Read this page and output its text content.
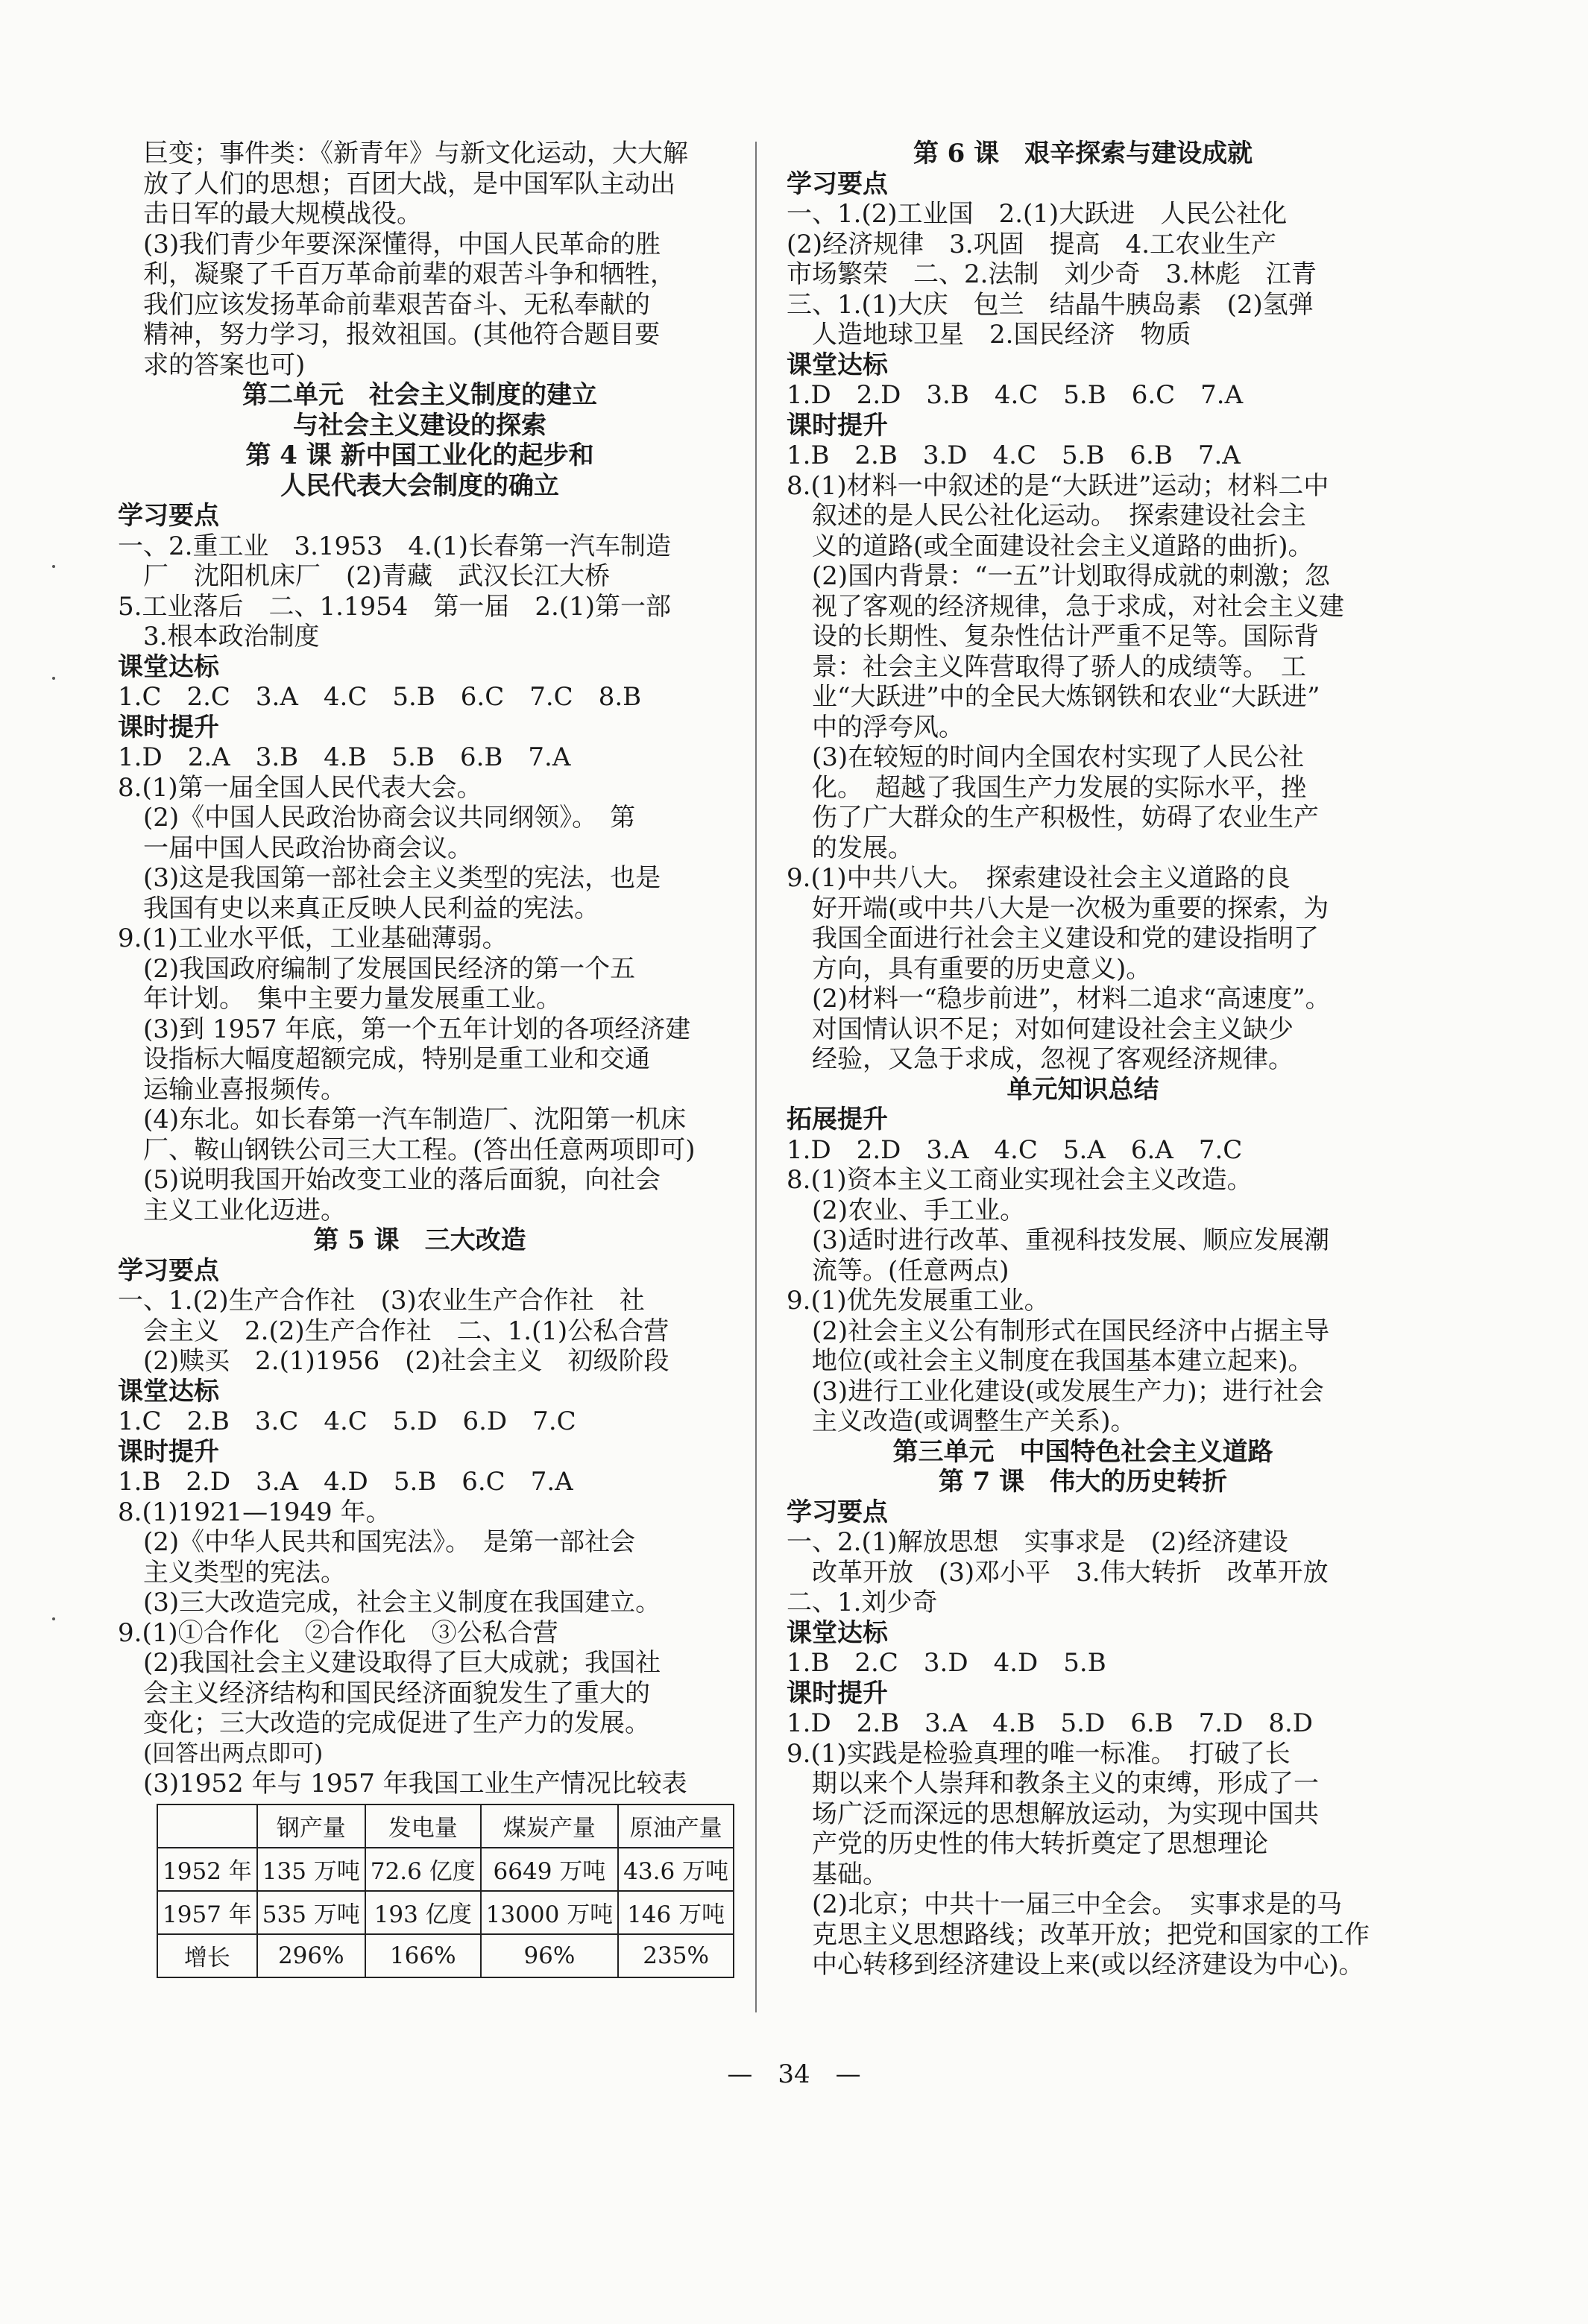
巨变；事件类：《新青年》与新文化运动，大大解
放了人们的思想；百团大战，是中国军队主动出
击日军的最大规模战役。
(3)我们青少年要深深懂得，中国人民革命的胜
利，凝聚了千百万革命前辈的艰苦斗争和牺牲，
我们应该发扬革命前辈艰苦奋斗、无私奉献的
精神，努力学习，报效祖国。(其他符合题目要
求的答案也可)
第二单元　社会主义制度的建立
与社会主义建设的探索
第 4 课 新中国工业化的起步和
人民代表大会制度的确立
学习要点
一、2.重工业　3.1953　4.(1)长春第一汽车制造
厂　沈阳机床厂　(2)青藏　武汉长江大桥
5.工业落后　二、1.1954　第一届　2.(1)第一部
3.根本政治制度
课堂达标
1.C　2.C　3.A　4.C　5.B　6.C　7.C　8.B
课时提升
1.D　2.A　3.B　4.B　5.B　6.B　7.A
8.(1)第一届全国人民代表大会。
(2)《中国人民政治协商会议共同纲领》。　第
一届中国人民政治协商会议。
(3)这是我国第一部社会主义类型的宪法，也是
我国有史以来真正反映人民利益的宪法。
9.(1)工业水平低，工业基础薄弱。
(2)我国政府编制了发展国民经济的第一个五
年计划。　集中主要力量发展重工业。
(3)到 1957 年底，第一个五年计划的各项经济建
设指标大幅度超额完成，特别是重工业和交通
运输业喜报频传。
(4)东北。如长春第一汽车制造厂、沈阳第一机床
厂、鞍山钢铁公司三大工程。(答出任意两项即可)
(5)说明我国开始改变工业的落后面貌，向社会
主义工业化迈进。
第 5 课　三大改造
学习要点
一、1.(2)生产合作社　(3)农业生产合作社　社
会主义　2.(2)生产合作社　二、1.(1)公私合营
(2)赎买　2.(1)1956　(2)社会主义　初级阶段
课堂达标
1.C　2.B　3.C　4.C　5.D　6.D　7.C
课时提升
1.B　2.D　3.A　4.D　5.B　6.C　7.A
8.(1)1921—1949 年。
(2)《中华人民共和国宪法》。　是第一部社会
主义类型的宪法。
(3)三大改造完成，社会主义制度在我国建立。
9.(1)①合作化　②合作化　③公私合营
(2)我国社会主义建设取得了巨大成就；我国社
会主义经济结构和国民经济面貌发生了重大的
变化；三大改造的完成促进了生产力的发展。
(回答出两点即可)
(3)1952 年与 1957 年我国工业生产情况比较表
	钢产量	发电量	煤炭产量	原油产量
1952 年	135 万吨	72.6 亿度	6649 万吨	43.6 万吨
1957 年	535 万吨	193 亿度	13000 万吨	146 万吨
增长	296%	166%	96%	235%
第 6 课　艰辛探索与建设成就
学习要点
一、1.(2)工业国　2.(1)大跃进　人民公社化
(2)经济规律　3.巩固　提高　4.工农业生产
市场繁荣　二、2.法制　刘少奇　3.林彪　江青
三、1.(1)大庆　包兰　结晶牛胰岛素　(2)氢弹
人造地球卫星　2.国民经济　物质
课堂达标
1.D　2.D　3.B　4.C　5.B　6.C　7.A
课时提升
1.B　2.B　3.D　4.C　5.B　6.B　7.A
8.(1)材料一中叙述的是“大跃进”运动；材料二中
叙述的是人民公社化运动。　探索建设社会主
义的道路(或全面建设社会主义道路的曲折)。
(2)国内背景：“一五”计划取得成就的刺激；忽
视了客观的经济规律，急于求成，对社会主义建
设的长期性、复杂性估计严重不足等。国际背
景：社会主义阵营取得了骄人的成绩等。　工
业“大跃进”中的全民大炼钢铁和农业“大跃进”
中的浮夸风。
(3)在较短的时间内全国农村实现了人民公社
化。　超越了我国生产力发展的实际水平，挫
伤了广大群众的生产积极性，妨碍了农业生产
的发展。
9.(1)中共八大。　探索建设社会主义道路的良
好开端(或中共八大是一次极为重要的探索，为
我国全面进行社会主义建设和党的建设指明了
方向，具有重要的历史意义)。
(2)材料一“稳步前进”，材料二追求“高速度”。
对国情认识不足；对如何建设社会主义缺少
经验，又急于求成，忽视了客观经济规律。
单元知识总结
拓展提升
1.D　2.D　3.A　4.C　5.A　6.A　7.C
8.(1)资本主义工商业实现社会主义改造。
(2)农业、手工业。
(3)适时进行改革、重视科技发展、顺应发展潮
流等。(任意两点)
9.(1)优先发展重工业。
(2)社会主义公有制形式在国民经济中占据主导
地位(或社会主义制度在我国基本建立起来)。
(3)进行工业化建设(或发展生产力)；进行社会
主义改造(或调整生产关系)。
第三单元　中国特色社会主义道路
第 7 课　伟大的历史转折
学习要点
一、2.(1)解放思想　实事求是　(2)经济建设
改革开放　(3)邓小平　3.伟大转折　改革开放
二、1.刘少奇
课堂达标
1.B　2.C　3.D　4.D　5.B
课时提升
1.D　2.B　3.A　4.B　5.D　6.B　7.D　8.D
9.(1)实践是检验真理的唯一标准。　打破了长
期以来个人崇拜和教条主义的束缚，形成了一
场广泛而深远的思想解放运动，为实现中国共
产党的历史性的伟大转折奠定了思想理论
基础。
(2)北京；中共十一届三中全会。　实事求是的马
克思主义思想路线；改革开放；把党和国家的工作
中心转移到经济建设上来(或以经济建设为中心)。
—　34　—
